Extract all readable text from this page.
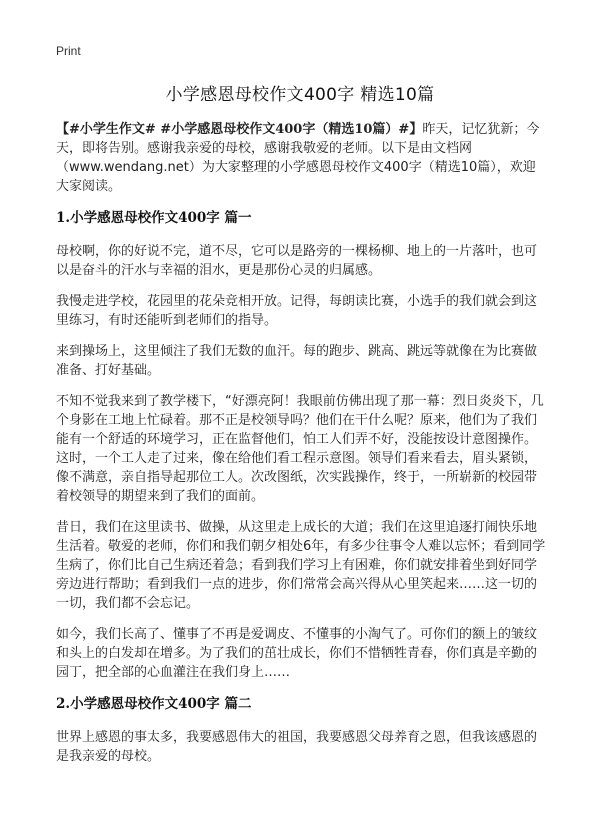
Print
小学感恩母校作文400字 精选10篇

【#小学生作文# #小学感恩母校作文400字（精选10篇）#】昨天，记忆犹新；今天，即将告别。感谢我亲爱的母校，感谢我敬爱的老师。以下是由文档网（www.wendang.net）为大家整理的小学感恩母校作文400字（精选10篇），欢迎大家阅读。

1.小学感恩母校作文400字 篇一

母校啊，你的好说不完，道不尽，它可以是路旁的一棵杨柳、地上的一片落叶，也可以是奋斗的汗水与幸福的泪水，更是那份心灵的归属感。

我慢走进学校，花园里的花朵竞相开放。记得，每朗读比赛，小选手的我们就会到这里练习，有时还能听到老师们的指导。

来到操场上，这里倾注了我们无数的血汗。每的跑步、跳高、跳远等就像在为比赛做准备、打好基础。

不知不觉我来到了教学楼下，“好漂亮阿！我眼前仿佛出现了那一幕：烈日炎炎下，几个身影在工地上忙碌着。那不正是校领导吗？他们在干什么呢？原来，他们为了我们能有一个舒适的环境学习，正在监督他们，怕工人们弄不好，没能按设计意图操作。这时，一个工人走了过来，像在给他们看工程示意图。领导们看来看去，眉头紧锁，像不满意，亲自指导起那位工人。次改图纸，次实践操作，终于，一所崭新的校园带着校领导的期望来到了我们的面前。

昔日，我们在这里读书、做操，从这里走上成长的大道；我们在这里追逐打闹快乐地生活着。敬爱的老师，你们和我们朝夕相处6年，有多少往事令人难以忘怀；看到同学生病了，你们比自己生病还着急；看到我们学习上有困难，你们就安排着坐到好同学旁边进行帮助；看到我们一点的进步，你们常常会高兴得从心里笑起来……这一切的一切，我们都不会忘记。

如今，我们长高了、懂事了不再是爱调皮、不懂事的小淘气了。可你们的额上的皱纹和头上的白发却在增多。为了我们的茁壮成长，你们不惜牺牲青春，你们真是辛勤的园丁，把全部的心血灌注在我们身上……

2.小学感恩母校作文400字 篇二

世界上感恩的事太多，我要感恩伟大的祖国，我要感恩父母养育之恩，但我该感恩的是我亲爱的母校。
